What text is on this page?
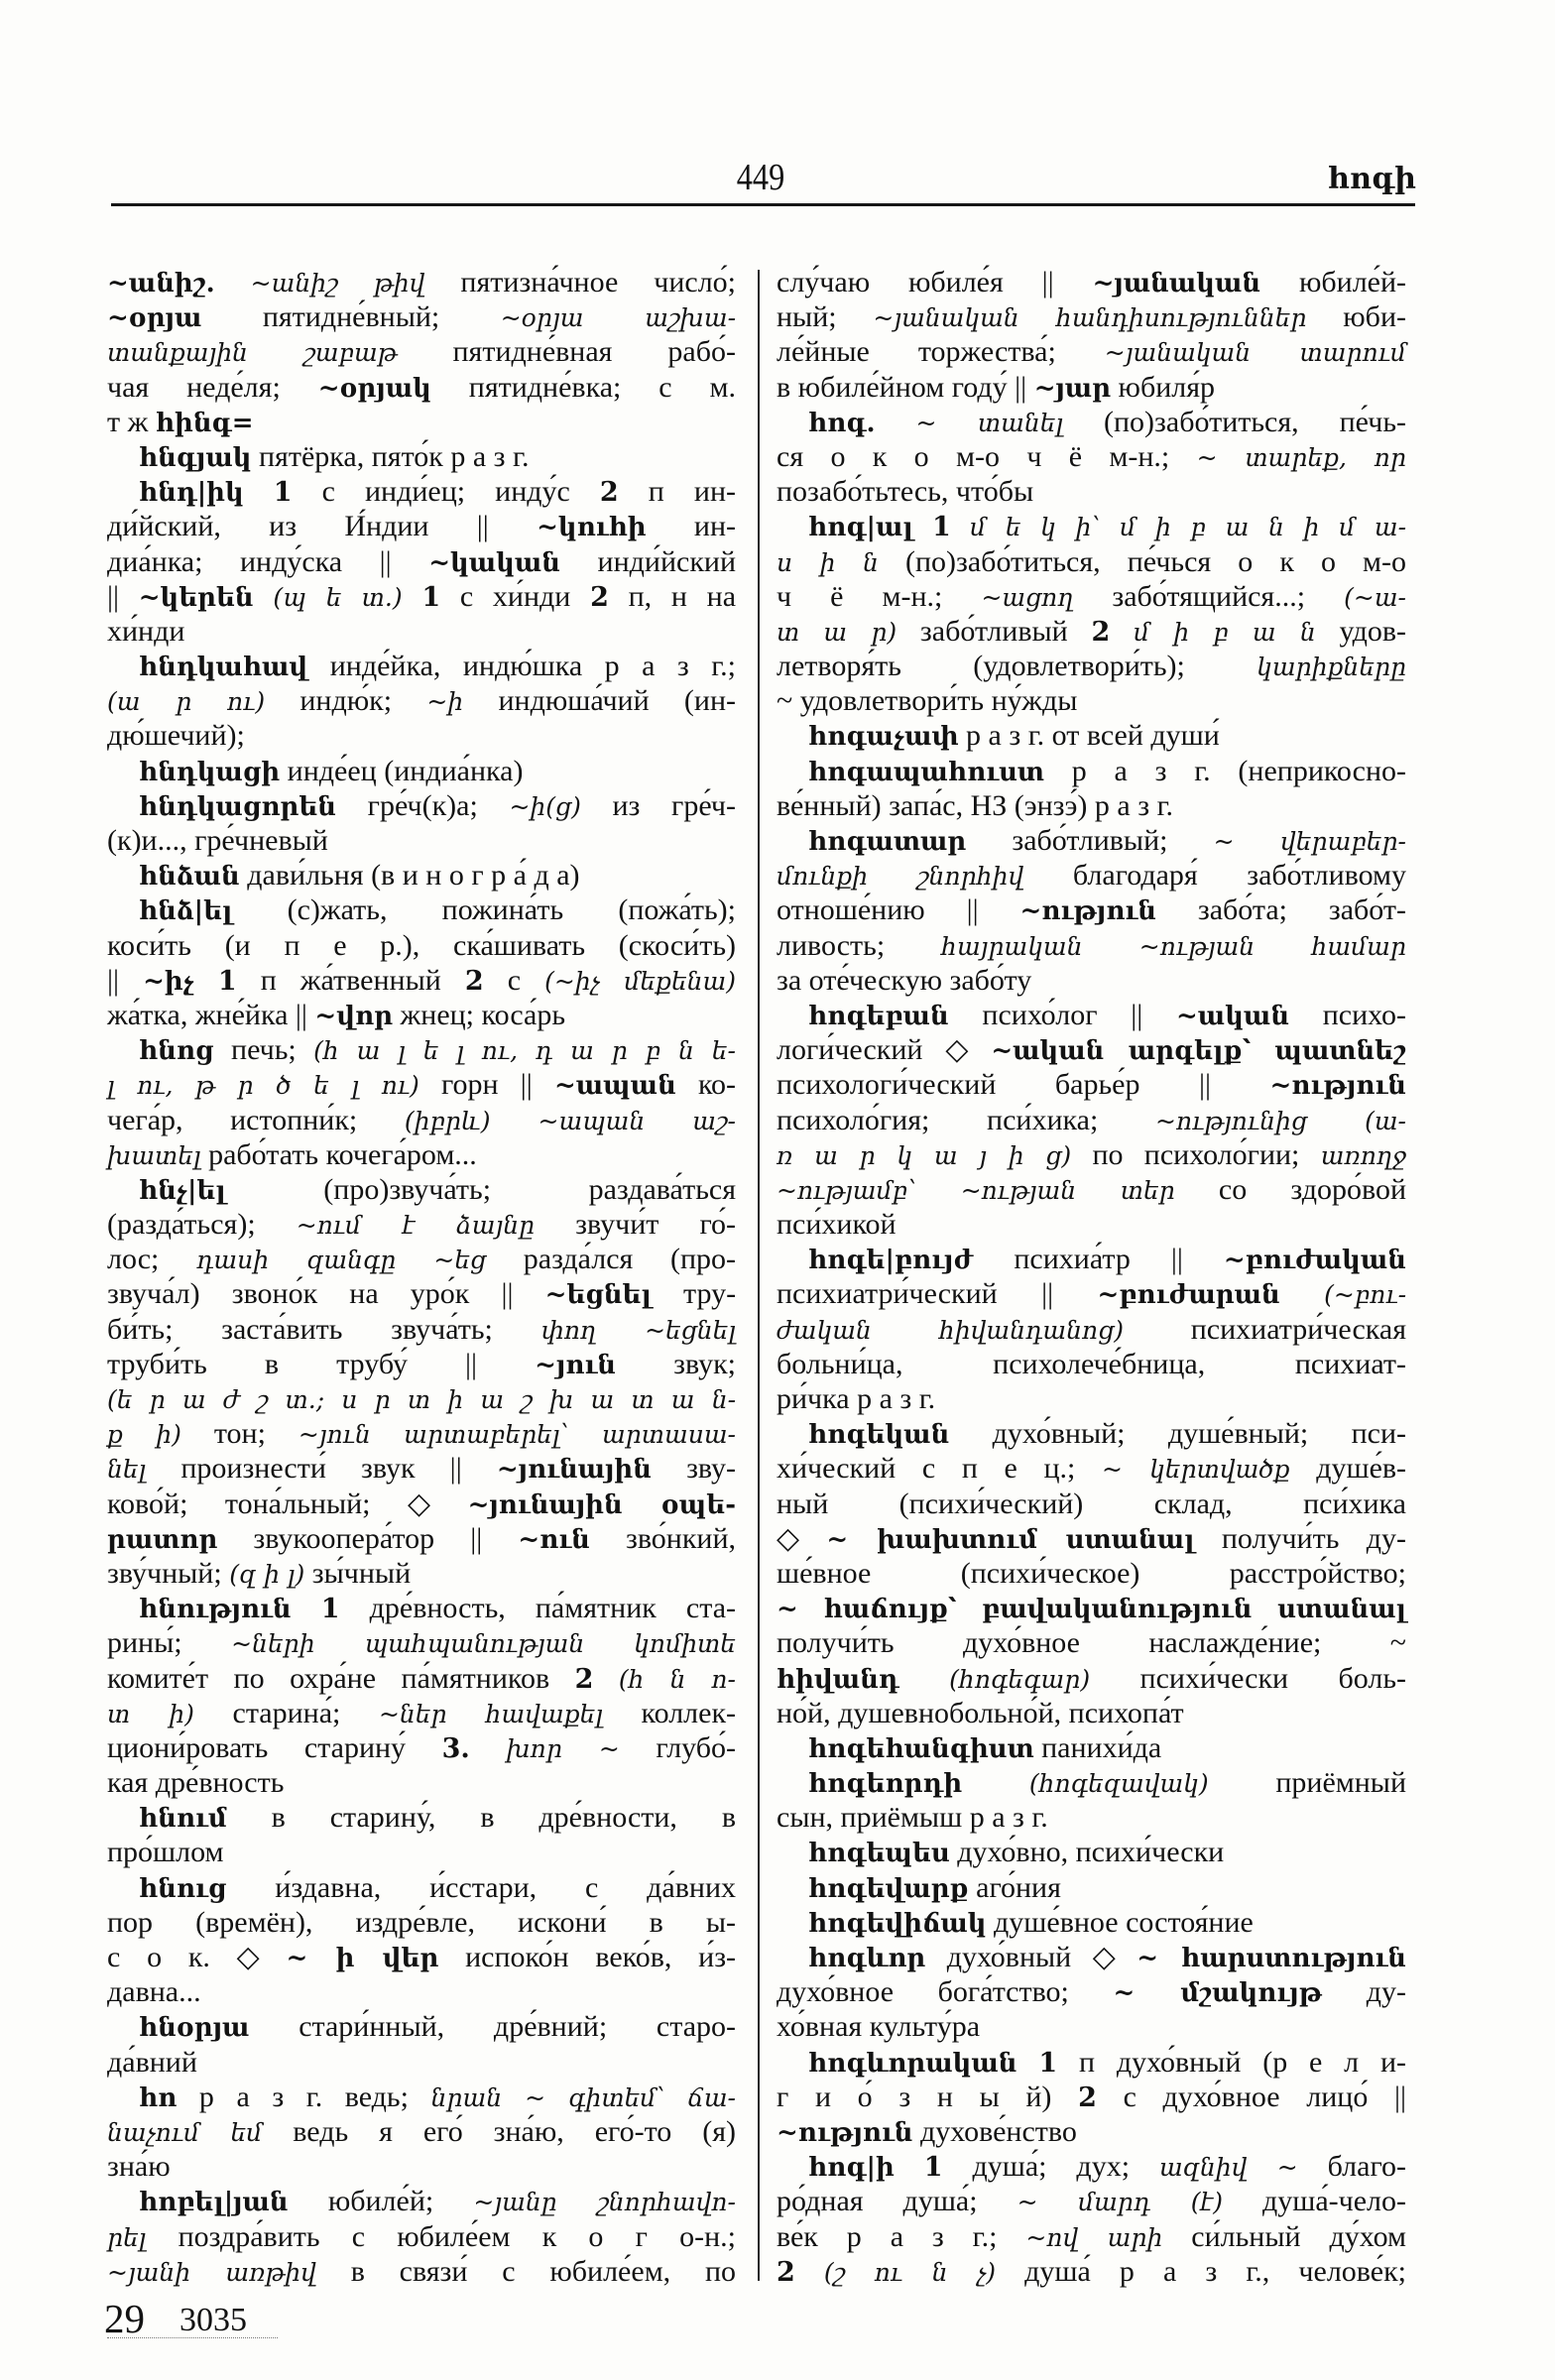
449	հոգի
~անիշ. ~անիշ թիվ пятизна́чное число́;
~օրյա пятидне́вный; ~օրյա աշխա-
տանքային շաբաթ пятидне́вная рабо́-
чая неде́ля; ~օրյակ пятидне́вка; с м.
т ж հինգ=
հնգյակ пятёрка, пято́к р а з г.
հնդ|իկ 1 с инди́ец; инду́с 2 п ин-
ди́йский, из И́ндии || ~կուհի ин-
диа́нка; инду́ска || ~կական инди́йский
|| ~կերեն (պ ե տ.) 1 с хи́нди 2 п, н на
хи́нди
հնդկահավ инде́йка, индю́шка р а з г.;
(ա ր ու) индю́к; ~ի индюша́чий (ин-
дю́шечий);
հնդկացի инде́ец (индиа́нка)
հնդկացորեն гре́ч(к)а; ~ի(ց) из гре́ч-
(к)и..., гре́чневый
հնձան дави́льня (в и н о г р а́ д а)
հնձ|ել (с)жать, пожина́ть (пожа́ть);
коси́ть (и п е р.), ска́шивать (скоси́ть)
|| ~իչ 1 п жа́твенный 2 с (~իչ մեքենա)
жа́тка, жне́йка || ~վոր жнец; коса́рь
հնոց печь; (հ ա լ ե լ ու, դ ա ր բ ն ե-
լ ու, թ ր ծ ե լ ու) горн || ~ապան ко-
чега́р, истопни́к; (իբրև) ~ապան աշ-
խատել рабо́тать кочега́ром...
հնչ|ել	(про)звуча́ть; раздава́ться
(разда́ться); ~ում է ձայնը звучи́т го́-
лос; դասի զանգը ~եց разда́лся (про-
звуча́л) звоно́к на уро́к || ~եցնել тру-
би́ть; заста́вить звуча́ть; փող ~եցնել
труби́ть в трубу́ || ~յուն звук;
(ե ր ա ժ շ տ.; ս ր տ ի ա շ խ ա տ ա ն-
ք ի) тон; ~յուն արտաբերել՝ արտասա-
նել произнести́ звук || ~յունային зву-
ково́й; тона́льный; ◇ ~յունային օպե-
րատոր звукоопера́тор || ~ուն зво́нкий,
зву́чный; (զ ի լ) зы́чный
հնություն 1 дре́вность, па́мятник ста-
рины́; ~ների պահպանության կոմիտե
комите́т по охра́не па́мятников 2 (հ ն ո-
տ ի) старина́; ~ներ հավաքել коллек-
циони́ровать старину́ 3. խոր ~ глубо́-
кая дре́вность
հնում в старину́, в дре́вности, в
про́шлом
հնուց и́здавна, и́сстари, с да́вних
пор (времён), издре́вле, искони́ в ы-
с о к. ◇ ~ ի վեր испоко́н веко́в, и́з-
давна...
հնօրյա стари́нный, дре́вний; старо-
да́вний
հո р а з г. ведь; նրան ~ գիտեմ՝ ճա-
նաչում եմ ведь я его́ зна́ю, его́-то (я)
зна́ю
հոբել|յան юбиле́й; ~յանը շնորհավո-
րել поздра́вить с юбиле́ем к о г о-н.;
~յանի առթիվ в связи́ с юбиле́ем, по
слу́чаю юбиле́я || ~յանական юбиле́й-
ный; ~յանական հանդիսություններ юби-
ле́йные торжества́; ~յանական տարում
в юбиле́йном году́ || ~յար юбиля́р
հոգ. ~ տանել (по)забо́титься, пе́чь-
ся о к о м-о ч ё м-н.; ~ տարեք, որ
позабо́тьтесь, что́бы
հոգ|ալ 1 մ ե կ ի՝ մ ի բ ա ն ի մ ա-
ս ի ն (по)забо́титься, пе́чься о к о м-о
ч ё м-н.; ~ացող забо́тящийся...; (~ա-
տ ա ր) забо́тливый 2 մ ի բ ա ն удов-
летворя́ть (удовлетвори́ть);	կարիքները
~ удовлетвори́ть ну́жды
հոգաչափ р а з г. от всей души́
հոգապահուստ р а з г. (неприкосно-
ве́нный) запа́с, НЗ (энзэ́) р а з г.
հոգատար забо́тливый; ~ վերաբեր-
մունքի շնորհիվ благодаря́ забо́тливому
отноше́нию || ~ություն забо́та; забо́т-
ливость; հայրական ~ության համար
за оте́ческую забо́ту
հոգեբան психо́лог || ~ական психо-
логи́ческий ◇ ~ական արգելք՝ պատնեշ
психологи́ческий барье́р || ~ություն
психоло́гия; пси́хика; ~ությունից (ա-
ռ ա ր կ ա յ ի ց) по психоло́гии; առողջ
~ությամբ՝ ~ության տեր со здоро́вой
пси́хикой
հոգե|բույժ психиа́тр || ~բուժական
психиатри́ческий || ~բուժարան (~բու-
ժական հիվանդանոց) психиатри́ческая
больни́ца, психолече́бница, психиат-
ри́чка р а з г.
հոգեկան духо́вный; душе́вный; пси-
хи́ческий с п е ц.; ~ կերտվածք душе́в-
ный (психи́ческий) склад, пси́хика
◇ ~ խախտում ստանալ получи́ть ду-
ше́вное (психи́ческое) расстро́йство;
~ հաճույք՝ բավականություն ստանալ
получи́ть духо́вное наслажде́ние; ~
հիվանդ (հոգեգար) психи́чески боль-
но́й, душевнобольно́й, психопа́т
հոգեհանգիստ панихи́да
հոգեորդի	(հոգեզավակ) приёмный
сын, приёмыш р а з г.
հոգեպես духо́вно, психи́чески
հոգեվարք аго́ния
հոգեվիճակ душе́вное состоя́ние
հոգևոր духо́вный ◇ ~ հարստություն
духо́вное бога́тство; ~ մշակույթ ду-
хо́вная культу́ра
հոգևորական 1 п духо́вный (р е л и-
г и о́ з н ы й) 2 с духо́вное лицо́ ||
~ություն духове́нство
հոգ|ի 1 душа́; дух; ազնիվ ~ благо-
ро́дная душа́; ~ մարդ (է) душа́-чело-
ве́к р а з г.; ~ով արի си́льный ду́хом
2 (շ ու ն չ) душа́ р а з г., челове́к;
29 3035
